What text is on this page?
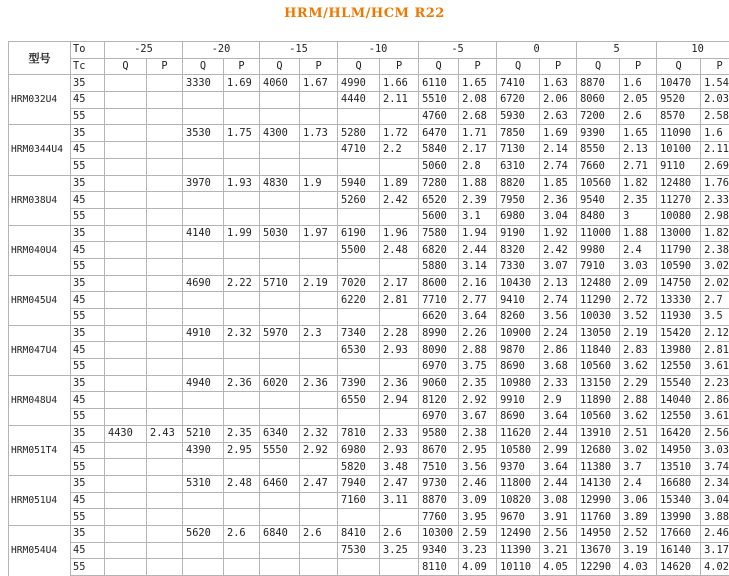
HRM/HLM/HCM R22
型号	To	-25		-20		-15		-10		-5		0		5		10	
	Tc	Q	P	Q	P	Q	P	Q	P	Q	P	Q	P	Q	P	Q	P
	35			3330	1.69	4060	1.67	4990	1.66	6110	1.65	7410	1.63	8870	1.6	10470	1.54
HRM032U4	45							4440	2.11	5510	2.08	6720	2.06	8060	2.05	9520	2.03
	55									4760	2.68	5930	2.63	7200	2.6	8570	2.58
	35			3530	1.75	4300	1.73	5280	1.72	6470	1.71	7850	1.69	9390	1.65	11090	1.6
HRM0344U4	45							4710	2.2	5840	2.17	7130	2.14	8550	2.13	10100	2.11
	55									5060	2.8	6310	2.74	7660	2.71	9110	2.69
	35			3970	1.93	4830	1.9	5940	1.89	7280	1.88	8820	1.85	10560	1.82	12480	1.76
HRM038U4	45							5260	2.42	6520	2.39	7950	2.36	9540	2.35	11270	2.33
	55									5600	3.1	6980	3.04	8480	3	10080	2.98
	35			4140	1.99	5030	1.97	6190	1.96	7580	1.94	9190	1.92	11000	1.88	13000	1.82
HRM040U4	45							5500	2.48	6820	2.44	8320	2.42	9980	2.4	11790	2.38
	55									5880	3.14	7330	3.07	7910	3.03	10590	3.02
	35			4690	2.22	5710	2.19	7020	2.17	8600	2.16	10430	2.13	12480	2.09	14750	2.02
HRM045U4	45							6220	2.81	7710	2.77	9410	2.74	11290	2.72	13330	2.7
	55									6620	3.64	8260	3.56	10030	3.52	11930	3.5
	35			4910	2.32	5970	2.3	7340	2.28	8990	2.26	10900	2.24	13050	2.19	15420	2.12
HRM047U4	45							6530	2.93	8090	2.88	9870	2.86	11840	2.83	13980	2.81
	55									6970	3.75	8690	3.68	10560	3.62	12550	3.61
	35			4940	2.36	6020	2.36	7390	2.36	9060	2.35	10980	2.33	13150	2.29	15540	2.23
HRM048U4	45							6550	2.94	8120	2.92	9910	2.9	11890	2.88	14040	2.86
	55									6970	3.67	8690	3.64	10560	3.62	12550	3.61
	35	4430	2.43	5210	2.35	6340	2.32	7810	2.33	9580	2.38	11620	2.44	13910	2.51	16420	2.56
HRM051T4	45			4390	2.95	5550	2.92	6980	2.93	8670	2.95	10580	2.99	12680	3.02	14950	3.03
	55							5820	3.48	7510	3.56	9370	3.64	11380	3.7	13510	3.74
	35			5310	2.48	6460	2.47	7940	2.47	9730	2.46	11800	2.44	14130	2.4	16680	2.34
HRM051U4	45							7160	3.11	8870	3.09	10820	3.08	12990	3.06	15340	3.04
	55									7760	3.95	9670	3.91	11760	3.89	13990	3.88
	35			5620	2.6	6840	2.6	8410	2.6	10300	2.59	12490	2.56	14950	2.52	17660	2.46
HRM054U4	45							7530	3.25	9340	3.23	11390	3.21	13670	3.19	16140	3.17
	55									8110	4.09	10110	4.05	12290	4.03	14620	4.02
